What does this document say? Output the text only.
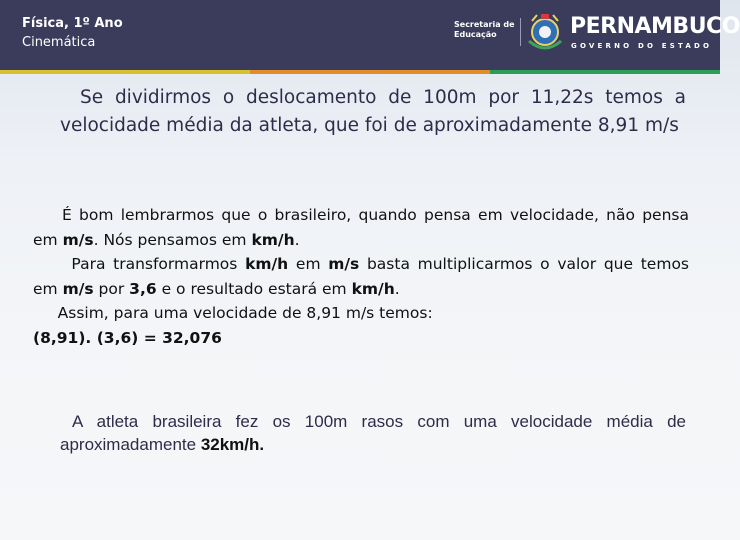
Física, 1º Ano
Cinemática
Secretaria de
Educação	PERNAMBUCO
GOVERNO DO ESTADO
Se dividirmos o deslocamento de 100m por 11,22s temos a velocidade média da atleta, que foi de aproximadamente 8,91 m/s
É bom lembrarmos que o brasileiro, quando pensa em velocidade, não pensa
em m/s. Nós pensamos em km/h.
Para transformarmos km/h em m/s basta multiplicarmos o valor que temos
em m/s por 3,6 e o resultado estará em km/h.
Assim, para uma velocidade de 8,91 m/s temos:
(8,91). (3,6) = 32,076
A atleta brasileira fez os 100m rasos com uma velocidade média de aproximadamente 32km/h.
